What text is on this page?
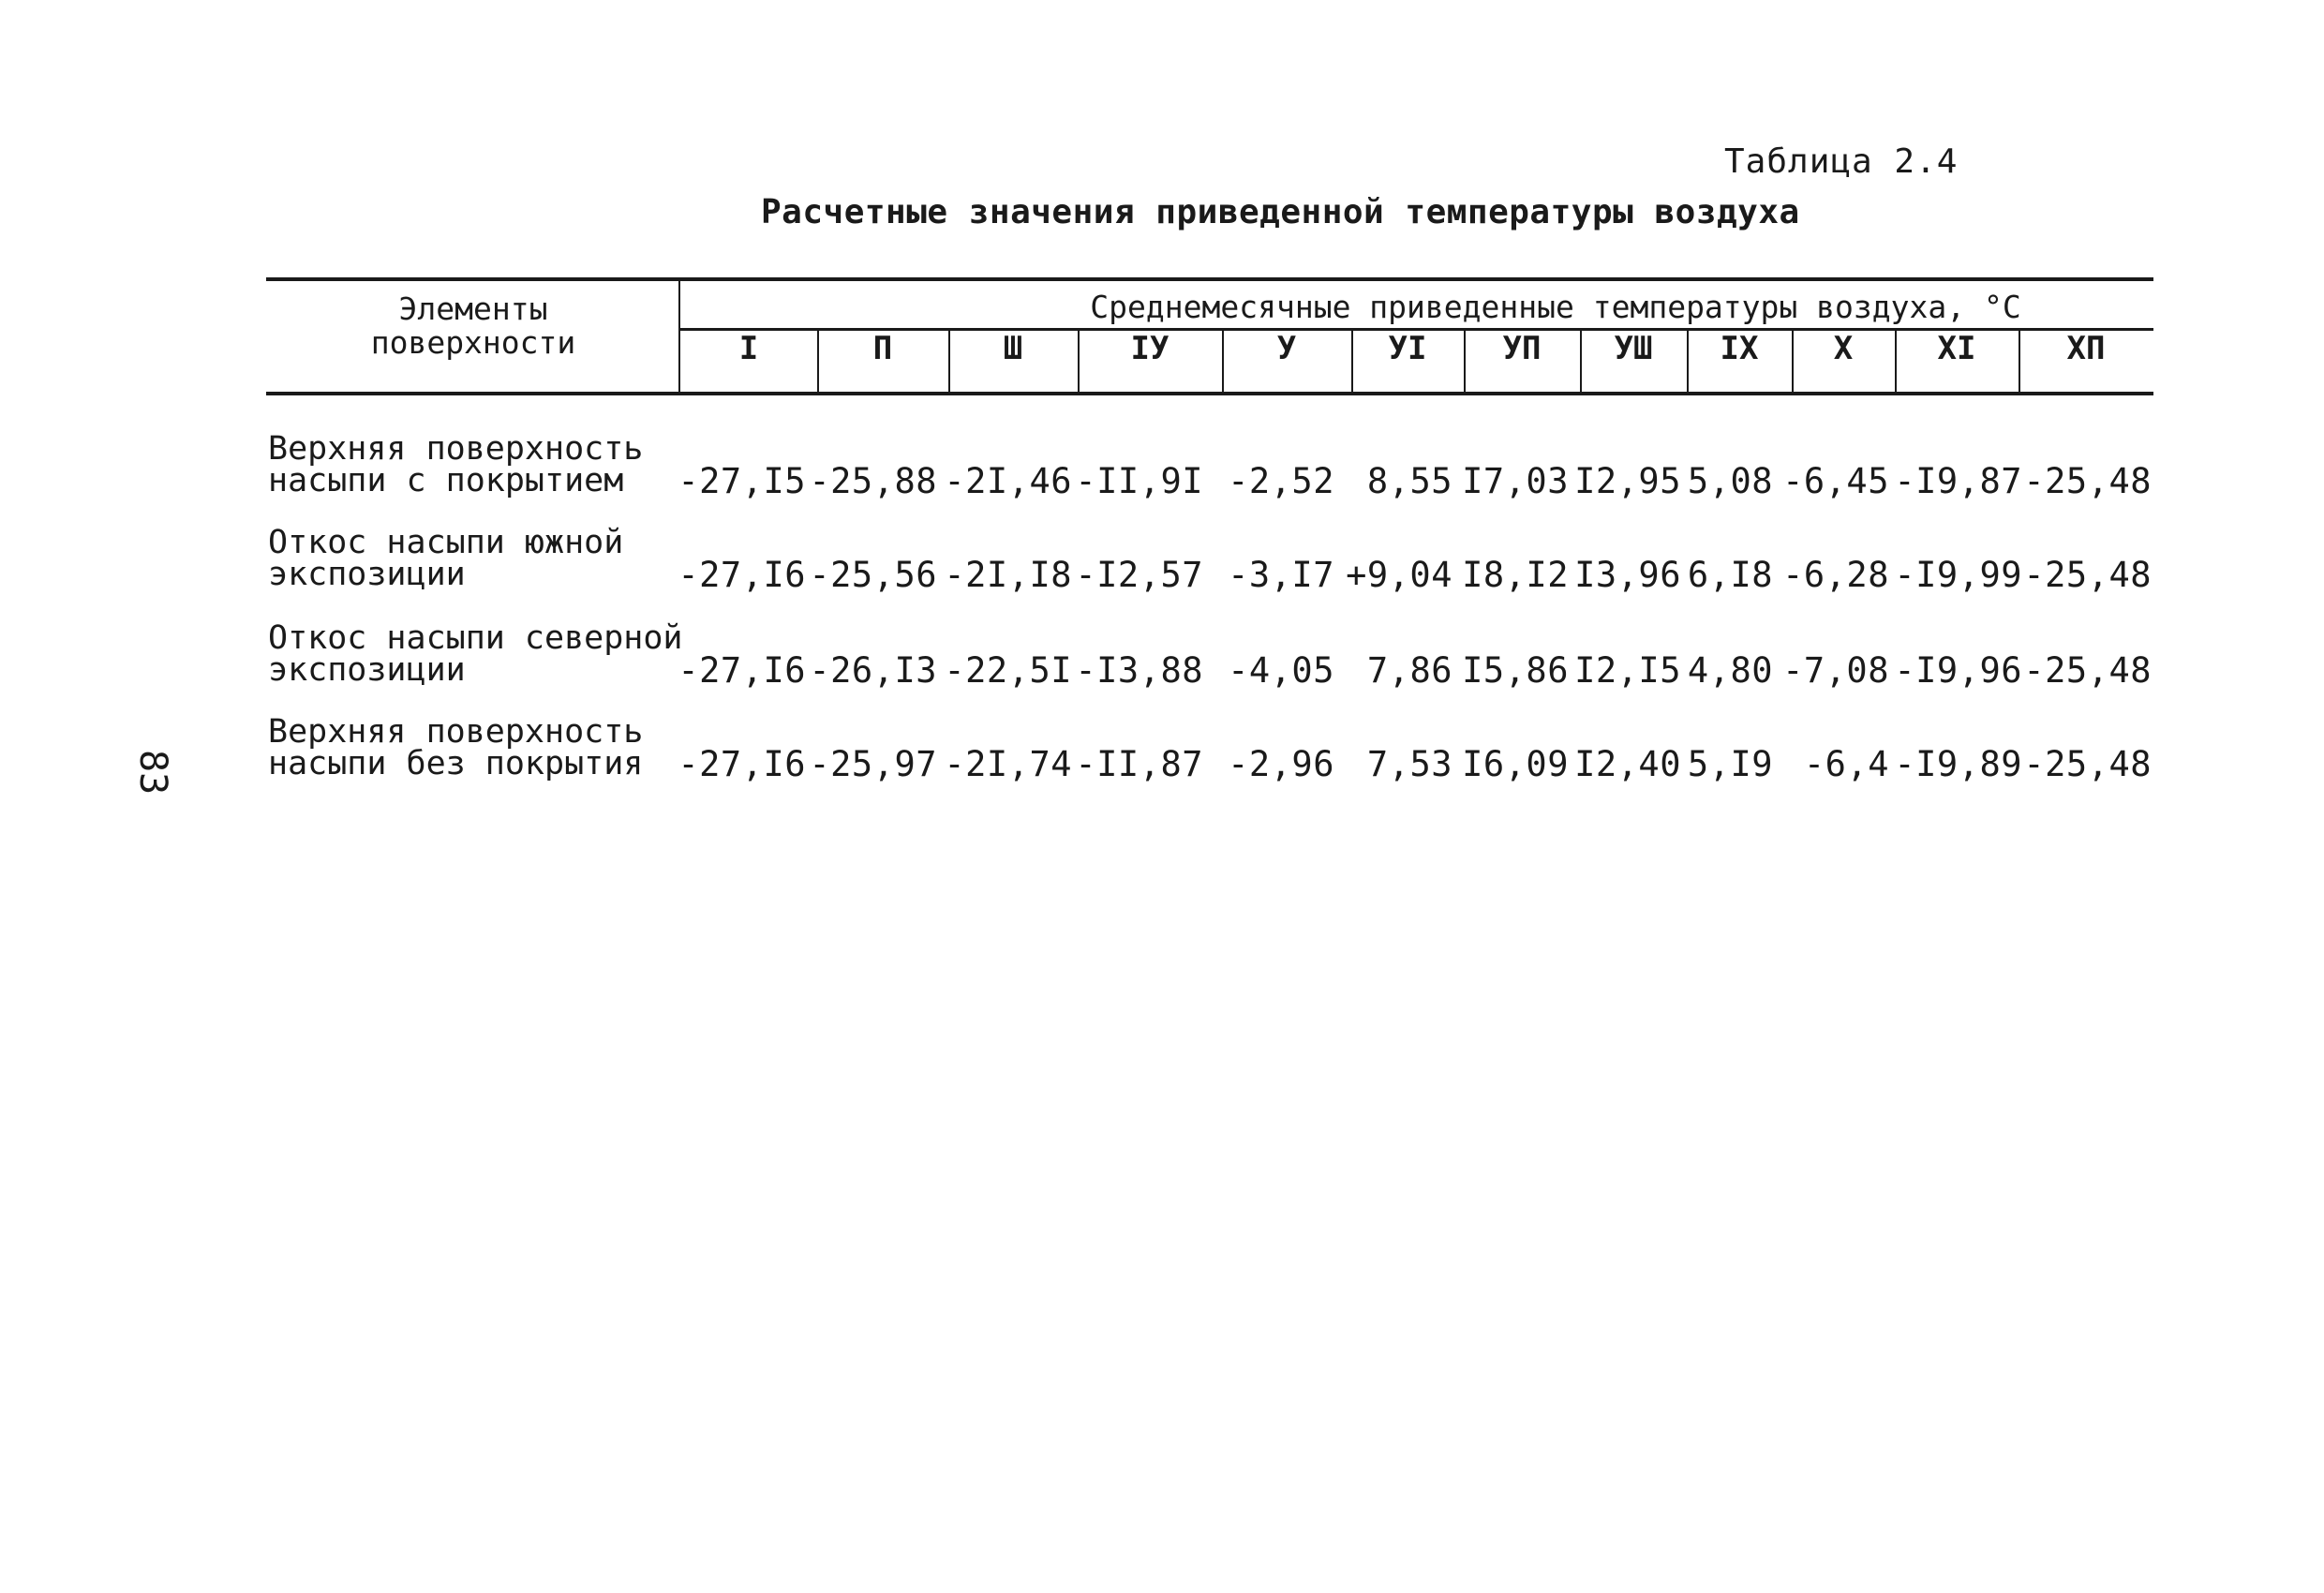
Таблица 2.4
Расчетные значения приведенной температуры воздуха
83
Элементы
поверхности
Среднемесячные приведенные температуры воздуха, °С
I	П	Ш	IУ	У	УI	УП	УШ	IX	X	XI	XП
Верхняя поверхность
насыпи с покрытием	-27,I5 -25,88 -2I,46 -II,9I -2,52 8,55 I7,03 I2,95 5,08 -6,45 -I9,87 -25,48
Откос насыпи южной
экспозиции	-27,I6 -25,56 -2I,I8 -I2,57 -3,I7 +9,04 I8,I2 I3,96 6,I8 -6,28 -I9,99 -25,48
Откос насыпи северной
экспозиции	-27,I6 -26,I3 -22,5I -I3,88 -4,05 7,86 I5,86 I2,I5 4,80 -7,08 -I9,96 -25,48
Верхняя поверхность
насыпи без покрытия -27,I6 -25,97 -2I,74 -II,87 -2,96 7,53 I6,09 I2,40 5,I9 -6,4 -I9,89 -25,48
